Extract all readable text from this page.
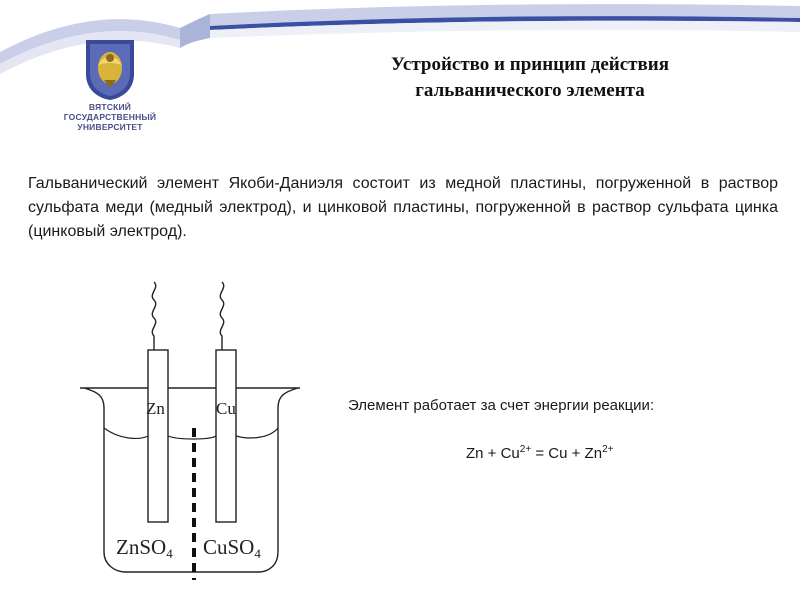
ВЯТСКИЙ
ГОСУДАРСТВЕННЫЙ
УНИВЕРСИТЕТ
Устройство и принцип действия
гальванического элемента
Гальванический элемент Якоби-Даниэля состоит из медной пластины, погруженной в раствор сульфата меди (медный электрод), и цинковой пластины, погруженной в раствор сульфата цинка (цинковый электрод).
Zn	Cu
ZnSO4 CuSO4
Элемент работает за счет энергии реакции:
$Zn + Cu^{2+} = Cu + Zn^{2+}$
